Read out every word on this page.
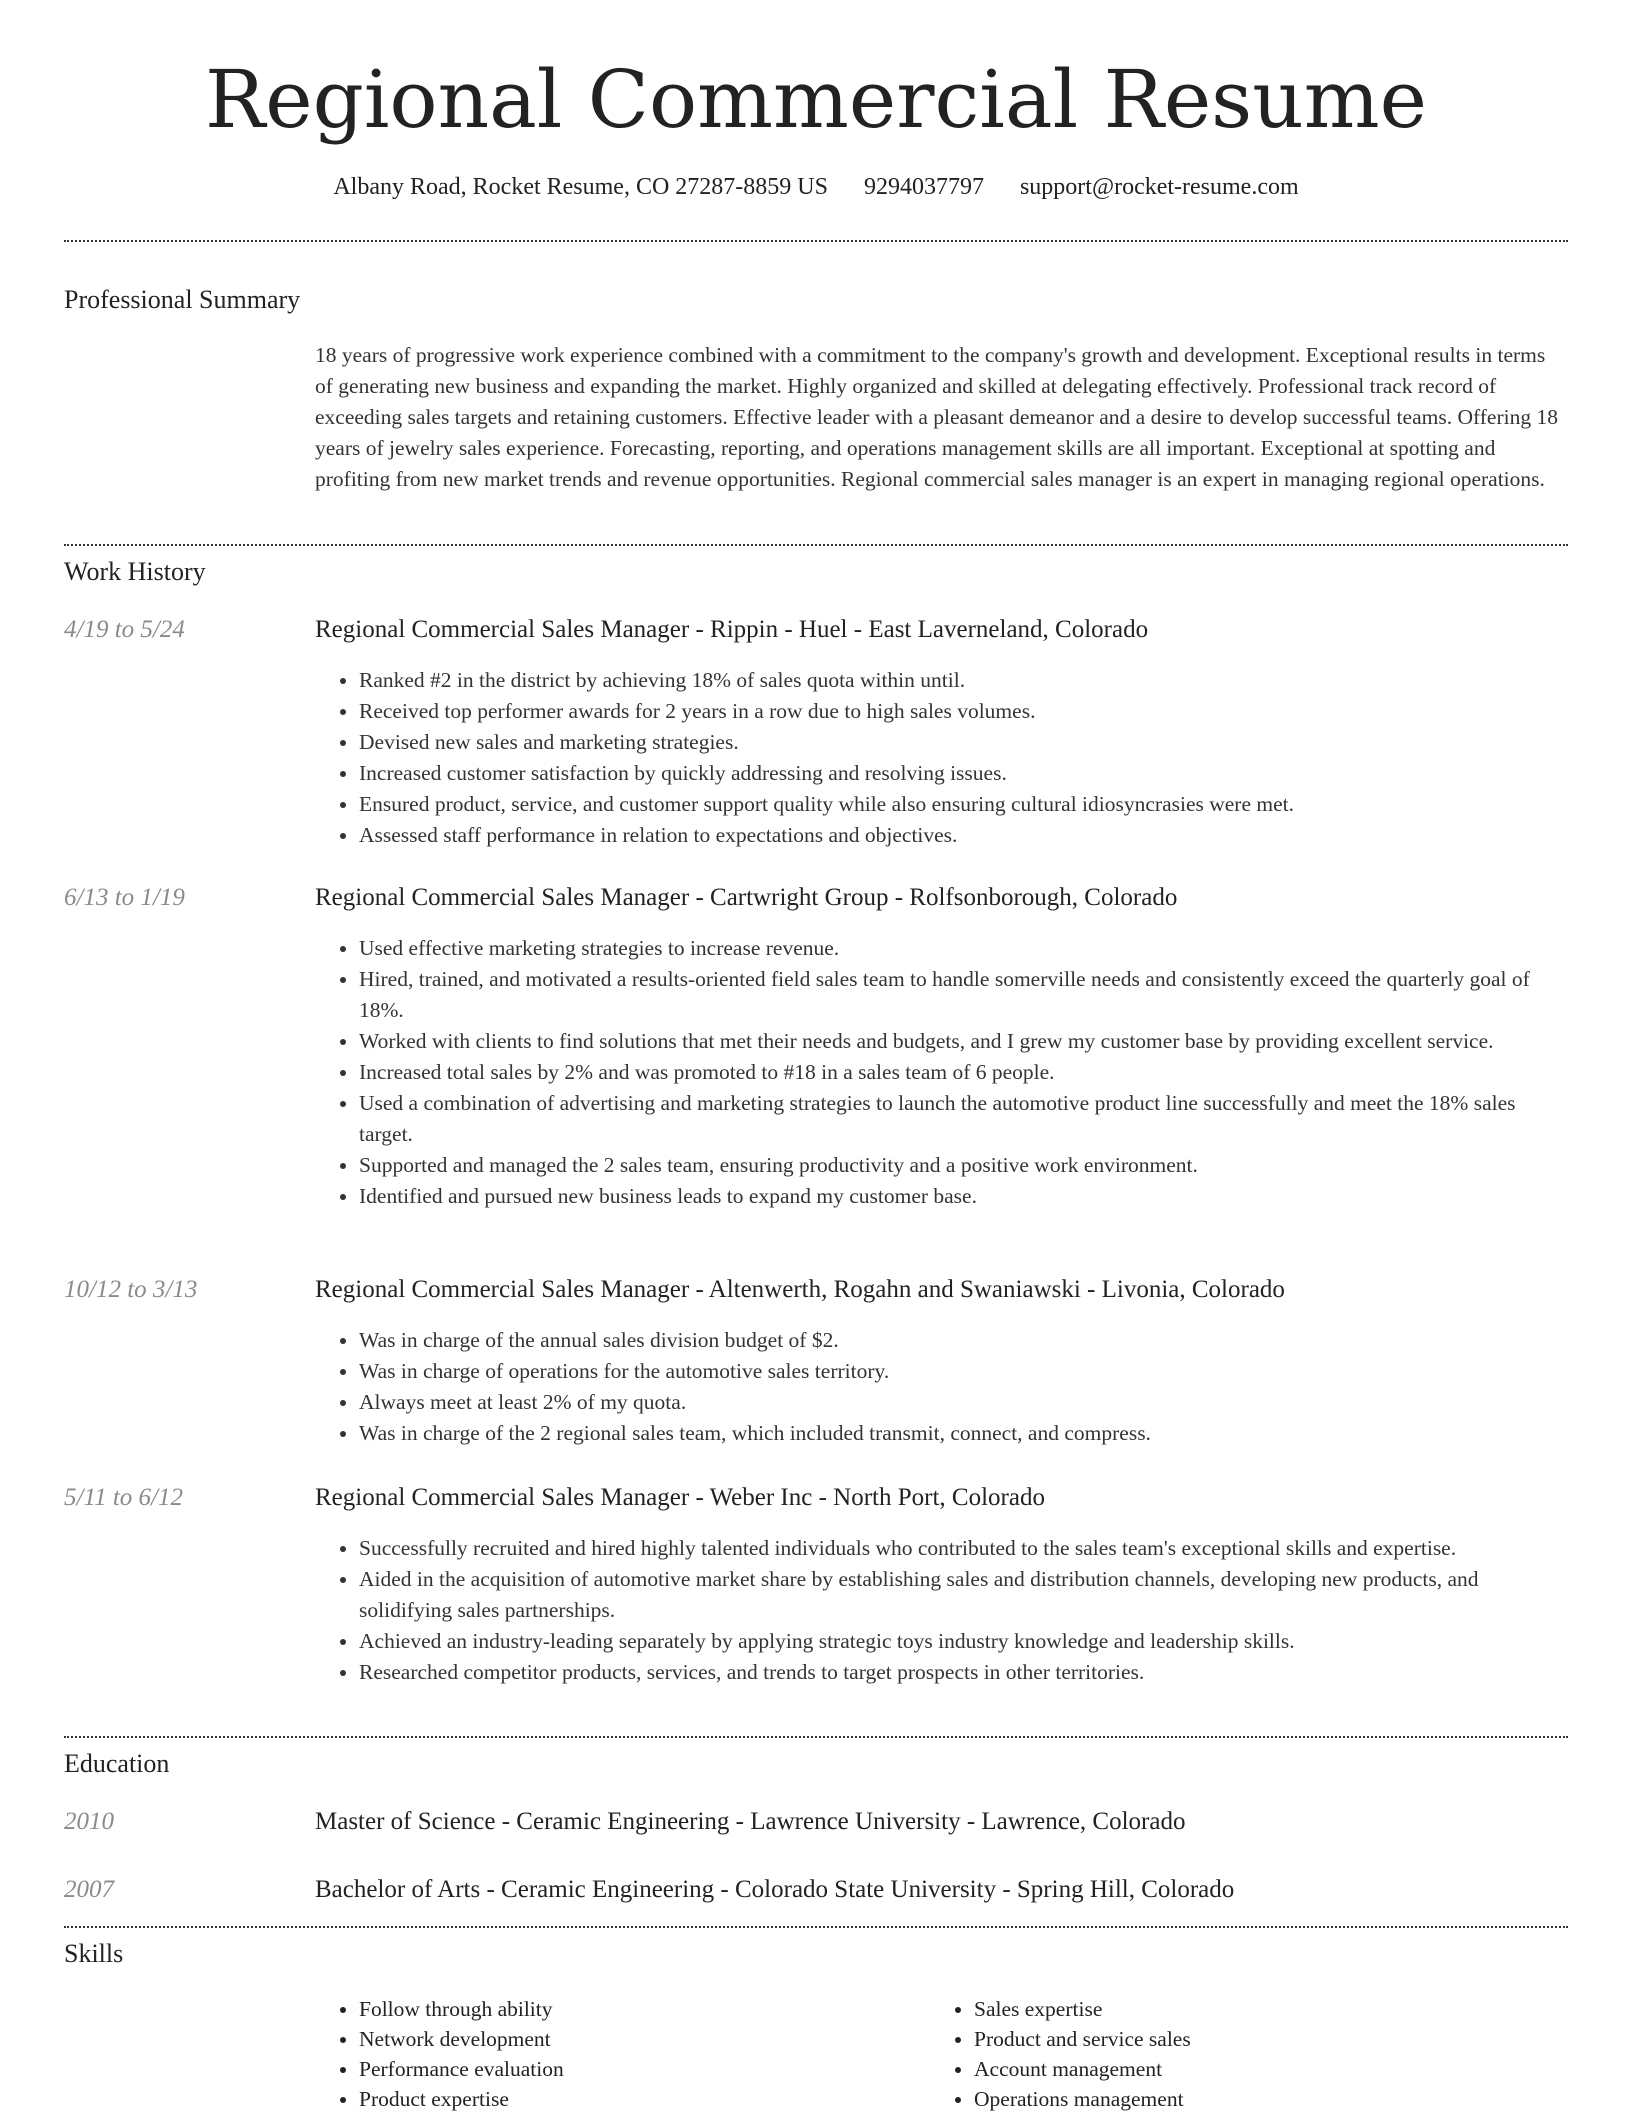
Regional Commercial Resume
Albany Road, Rocket Resume, CO 27287-8859 US 9294037797 support@rocket-resume.com
Professional Summary

18 years of progressive work experience combined with a commitment to the company's growth and development. Exceptional results in terms of generating new business and expanding the market. Highly organized and skilled at delegating effectively. Professional track record of exceeding sales targets and retaining customers. Effective leader with a pleasant demeanor and a desire to develop successful teams. Offering 18 years of jewelry sales experience. Forecasting, reporting, and operations management skills are all important. Exceptional at spotting and profiting from new market trends and revenue opportunities. Regional commercial sales manager is an expert in managing regional operations.

Work History
4/19 to 5/24	Regional Commercial Sales Manager - Rippin - Huel - East Laverneland, Colorado
• Ranked #2 in the district by achieving 18% of sales quota within until.
• Received top performer awards for 2 years in a row due to high sales volumes.
• Devised new sales and marketing strategies.
• Increased customer satisfaction by quickly addressing and resolving issues.
• Ensured product, service, and customer support quality while also ensuring cultural idiosyncrasies were met.
• Assessed staff performance in relation to expectations and objectives.
6/13 to 1/19	Regional Commercial Sales Manager - Cartwright Group - Rolfsonborough, Colorado
• Used effective marketing strategies to increase revenue.
• Hired, trained, and motivated a results-oriented field sales team to handle somerville needs and consistently exceed the quarterly goal of 18%.
• Worked with clients to find solutions that met their needs and budgets, and I grew my customer base by providing excellent service.
• Increased total sales by 2% and was promoted to #18 in a sales team of 6 people.
• Used a combination of advertising and marketing strategies to launch the automotive product line successfully and meet the 18% sales target.
• Supported and managed the 2 sales team, ensuring productivity and a positive work environment.
• Identified and pursued new business leads to expand my customer base.
10/12 to 3/13	Regional Commercial Sales Manager - Altenwerth, Rogahn and Swaniawski - Livonia, Colorado
• Was in charge of the annual sales division budget of $2.
• Was in charge of operations for the automotive sales territory.
• Always meet at least 2% of my quota.
• Was in charge of the 2 regional sales team, which included transmit, connect, and compress.
5/11 to 6/12	Regional Commercial Sales Manager - Weber Inc - North Port, Colorado
• Successfully recruited and hired highly talented individuals who contributed to the sales team's exceptional skills and expertise.
• Aided in the acquisition of automotive market share by establishing sales and distribution channels, developing new products, and solidifying sales partnerships.
• Achieved an industry-leading separately by applying strategic toys industry knowledge and leadership skills.
• Researched competitor products, services, and trends to target prospects in other territories.
Education
2010	Master of Science - Ceramic Engineering - Lawrence University - Lawrence, Colorado
2007	Bachelor of Arts - Ceramic Engineering - Colorado State University - Spring Hill, Colorado
Skills
• Follow through ability
• Network development
• Performance evaluation
• Product expertise
• Sales expertise
• Product and service sales
• Account management
• Operations management
